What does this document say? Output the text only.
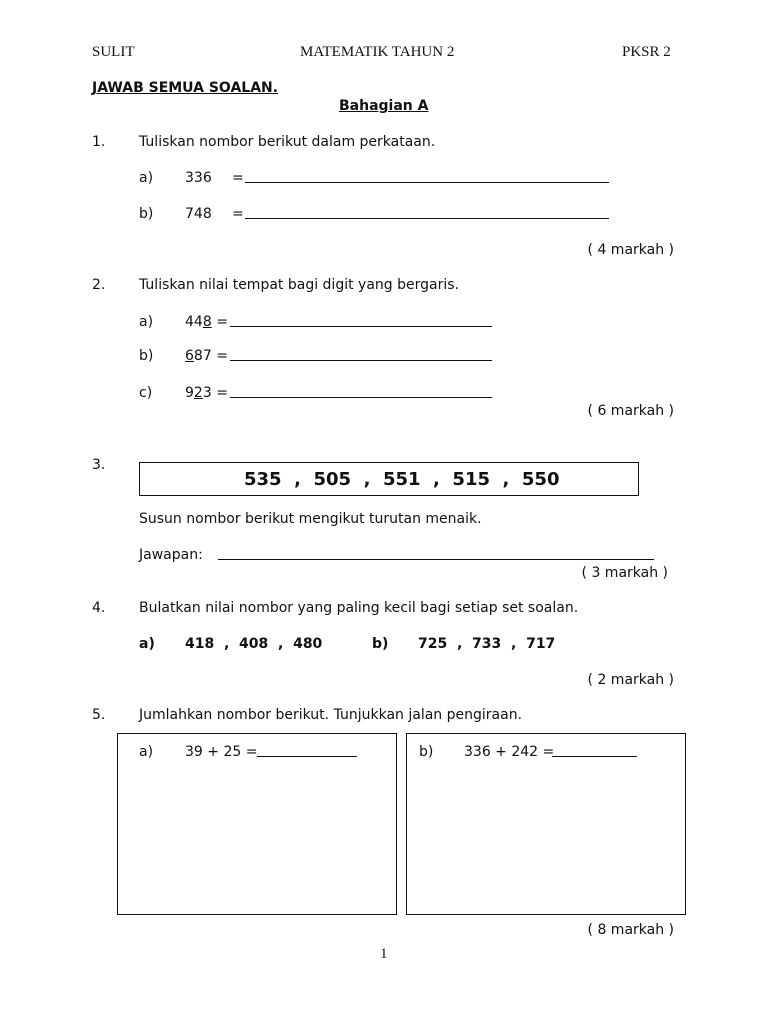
SULIT	MATEMATIK TAHUN 2	PKSR 2
JAWAB SEMUA SOALAN.
Bahagian A
1. Tuliskan nombor berikut dalam perkataan.
a) 336 =
b) 748 =
( 4 markah )
2. Tuliskan nilai tempat bagi digit yang bergaris.
a) 448 =
b) 687 =
c) 923 =
( 6 markah )
3.
535  ,  505  ,  551  ,  515  ,  550
Susun nombor berikut mengikut turutan menaik.
Jawapan:
( 3 markah )
4. Bulatkan nilai nombor yang paling kecil bagi setiap set soalan.
a) 418  ,  408  ,  480	b) 725  ,  733  ,  717
( 2 markah )
5. Jumlahkan nombor berikut. Tunjukkan jalan pengiraan.
a) 39 + 25 =	b) 336 + 242 =
( 8 markah )
1
